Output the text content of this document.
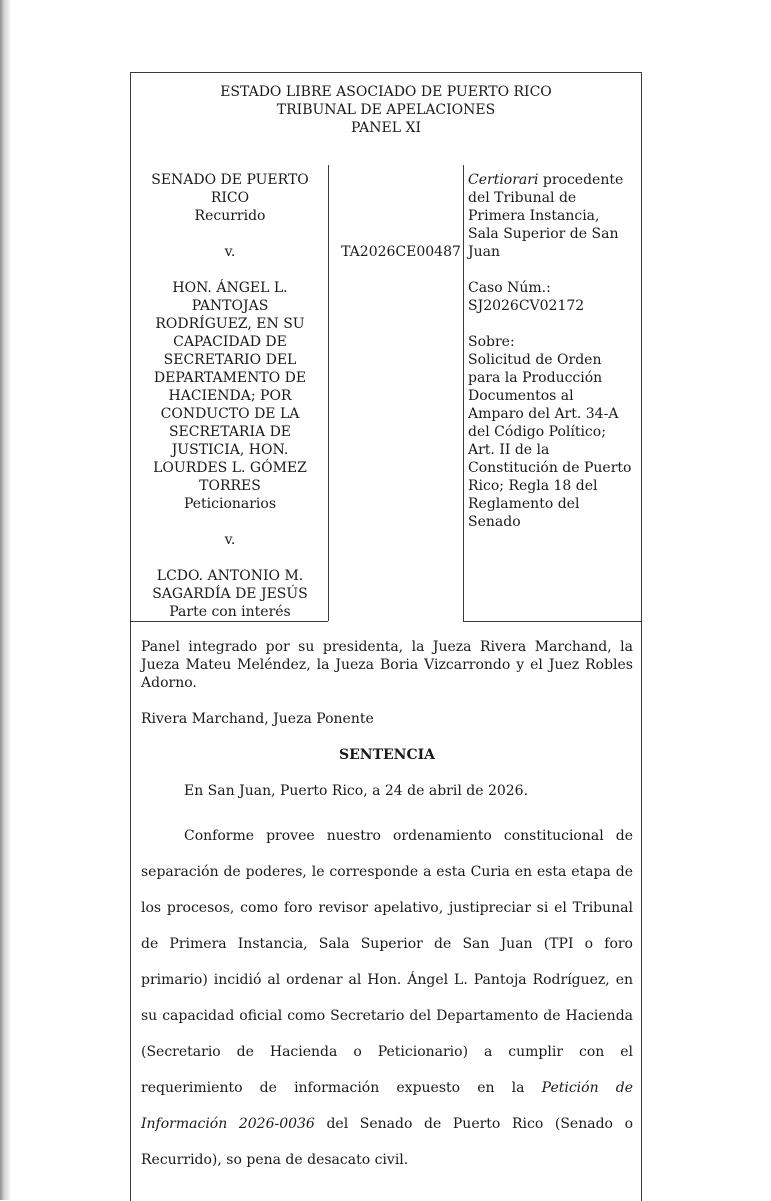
ESTADO LIBRE ASOCIADO DE PUERTO RICO
TRIBUNAL DE APELACIONES
PANEL XI
SENADO DE PUERTO
RICO
Recurrido
v.
HON. ÁNGEL L.
PANTOJAS
RODRÍGUEZ, EN SU
CAPACIDAD DE
SECRETARIO DEL
DEPARTAMENTO DE
HACIENDA; POR
CONDUCTO DE LA
SECRETARIA DE
JUSTICIA, HON.
LOURDES L. GÓMEZ
TORRES
Peticionarios
v.
LCDO. ANTONIO M.
SAGARDÍA DE JESÚS
Parte con interés
TA2026CE00487
Certiorari procedente
del Tribunal de
Primera Instancia,
Sala Superior de San
Juan
Caso Núm.:
SJ2026CV02172
Sobre:
Solicitud de Orden
para la Producción
Documentos al
Amparo del Art. 34-A
del Código Político;
Art. II de la
Constitución de Puerto
Rico; Regla 18 del
Reglamento del
Senado

Panel integrado por su presidenta, la Jueza Rivera Marchand, la Jueza Mateu Meléndez, la Jueza Boria Vizcarrondo y el Juez Robles Adorno.

Rivera Marchand, Jueza Ponente

SENTENCIA

En San Juan, Puerto Rico, a 24 de abril de 2026.

Conforme provee nuestro ordenamiento constitucional de separación de poderes, le corresponde a esta Curia en esta etapa de los procesos, como foro revisor apelativo, justipreciar si el Tribunal de Primera Instancia, Sala Superior de San Juan (TPI o foro primario) incidió al ordenar al Hon. Ángel L. Pantoja Rodríguez, en su capacidad oficial como Secretario del Departamento de Hacienda (Secretario de Hacienda o Peticionario) a cumplir con el requerimiento de información expuesto en la Petición de Información 2026-0036 del Senado de Puerto Rico (Senado o Recurrido), so pena de desacato civil.
